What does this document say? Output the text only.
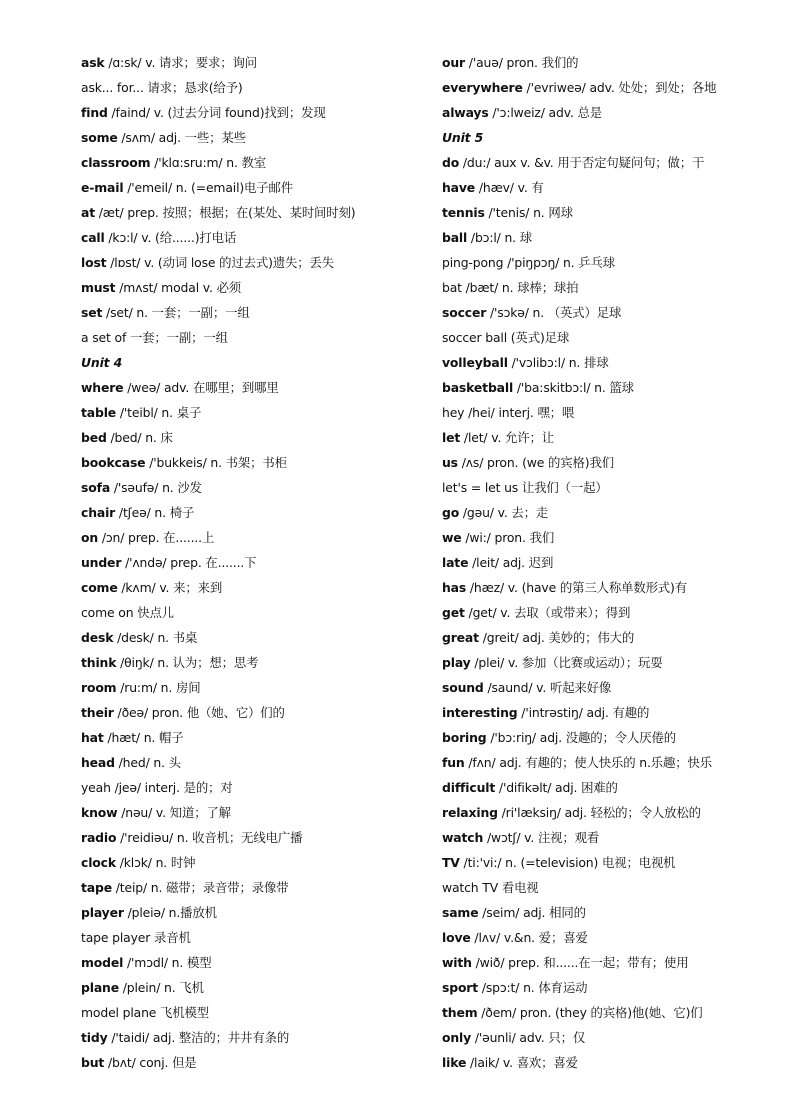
ask /ɑ:sk/ v. 请求；要求；询问
ask... for... 请求；恳求(给予)
find /faind/ v. (过去分词 found)找到；发现
some /sʌm/ adj. 一些；某些
classroom /'klɑ:sru:m/ n. 教室
e-mail /'emeil/ n. (=email)电子邮件
at /æt/ prep. 按照；根据；在(某处、某时间时刻)
call /kɔ:l/ v. (给......)打电话
lost /lɒst/ v. (动词 lose 的过去式)遗失；丢失
must /mʌst/ modal v. 必须
set /set/ n. 一套；一副；一组
a set of 一套；一副；一组
Unit 4
where /weə/ adv. 在哪里；到哪里
table /'teibl/ n. 桌子
bed /bed/ n. 床
bookcase /'bukkeis/ n. 书架；书柜
sofa /'səufə/ n. 沙发
chair /tʃeə/ n. 椅子
on /ɔn/ prep. 在.......上
under /'ʌndə/ prep. 在.......下
come /kʌm/ v. 来；来到
come on 快点儿
desk /desk/ n. 书桌
think /θiŋk/ n. 认为；想；思考
room /ru:m/ n. 房间
their /ðeə/ pron. 他（她、它）们的
hat /hæt/ n. 帽子
head /hed/ n. 头
yeah /jeə/ interj. 是的；对
know /nəu/ v. 知道；了解
radio /'reidiəu/ n. 收音机；无线电广播
clock /klɔk/ n. 时钟
tape /teip/ n. 磁带；录音带；录像带
player /pleiə/ n.播放机
tape player 录音机
model /'mɔdl/ n. 模型
plane /plein/ n. 飞机
model plane 飞机模型
tidy /'taidi/ adj. 整洁的；井井有条的
but /bʌt/ conj. 但是
our /'auə/ pron. 我们的
everywhere /'evriweə/ adv. 处处；到处；各地
always /'ɔ:lweiz/ adv. 总是
Unit 5
do /du:/ aux v. &v. 用于否定句疑问句；做；干
have /hæv/ v. 有
tennis /'tenis/ n. 网球
ball /bɔ:l/ n. 球
ping-pong /'piŋpɔŋ/ n. 乒乓球
bat /bæt/ n. 球棒；球拍
soccer /'sɔkə/ n. （英式）足球
soccer ball (英式)足球
volleyball /'vɔlibɔ:l/ n. 排球
basketball /'ba:skitbɔ:l/ n. 篮球
hey /hei/ interj. 嘿；喂
let /let/ v. 允许；让
us /ʌs/ pron. (we 的宾格)我们
let's = let us 让我们（一起）
go /gəu/ v. 去；走
we /wi:/ pron. 我们
late /leit/ adj. 迟到
has /hæz/ v. (have 的第三人称单数形式)有
get /get/ v. 去取（或带来）；得到
great /greit/ adj. 美妙的；伟大的
play /plei/ v. 参加（比赛或运动）；玩耍
sound /saund/ v. 听起来好像
interesting /'intrəstiŋ/ adj. 有趣的
boring /'bɔ:riŋ/ adj. 没趣的；令人厌倦的
fun /fʌn/ adj. 有趣的；使人快乐的 n.乐趣；快乐
difficult /'difikəlt/ adj. 困难的
relaxing /ri'læksiŋ/ adj. 轻松的；令人放松的
watch /wɔtʃ/ v. 注视；观看
TV /ti:'vi:/ n. (=television) 电视；电视机
watch TV 看电视
same /seim/ adj. 相同的
love /lʌv/ v.&n. 爱；喜爱
with /wið/ prep. 和......在一起；带有；使用
sport /spɔ:t/ n. 体育运动
them /ðem/ pron. (they 的宾格)他(她、它)们
only /'əunli/ adv. 只；仅
like /laik/ v. 喜欢；喜爱
